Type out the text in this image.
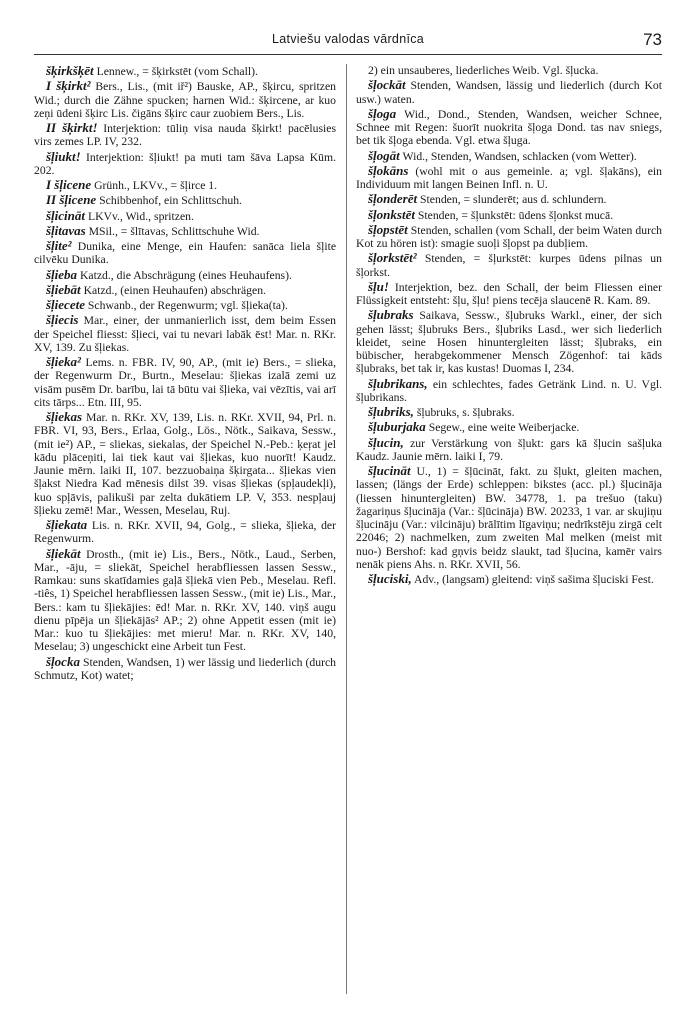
Latviešu valodas vārdnīca	73

šķirkšķēt Lennew., = šķirkstēt (vom Schall).

I šķirkt² Bers., Lis., (mit iř²) Bauske, AP., šķircu, spritzen Wid.; durch die Zähne spucken; harnen Wid.: šķircene, ar kuo zeņi ūdeni šķirc Lis. čigāns šķirc caur zuobiem Bers., Lis.

II šķirkt! Interjektion: tūliņ visa nauda šķirkt! pacēlusies virs zemes LP. IV, 232.

šļiukt! Interjektion: šļiukt! pa muti tam šāva Lapsa Kūm. 202.

I šļicene Grünh., LKVv., = šļirce 1.

II šļicene Schibbenhof, ein Schlittschuh.

šļicināt LKVv., Wid., spritzen.

šļitavas MSil., = šlītavas, Schlittschuhe Wid.

šļite² Dunika, eine Menge, ein Haufen: sanāca liela šļite cilvēku Dunika.

šļieba Katzd., die Abschrägung (eines Heuhaufens).

šļiebāt Katzd., (einen Heuhaufen) abschrägen.

šļiecete Schwanb., der Regenwurm; vgl. šļieka(ta).

šļiecis Mar., einer, der unmanierlich isst, dem beim Essen der Speichel fliesst: šļieci, vai tu nevari labāk ēst! Mar. n. RKr. XV, 139. Zu šļiekas.

šļieka² Lems. n. FBR. IV, 90, AP., (mit ie) Bers., = slieka, der Regenwurm Dr., Burtn., Meselau: šļiekas izalā zemi uz visām pusēm Dr. barību, lai tā būtu vai šļieka, vai vēzītis, vai arī cits tārps... Etn. III, 95.

šļiekas Mar. n. RKr. XV, 139, Lis. n. RKr. XVII, 94, Prl. n. FBR. VI, 93, Bers., Erlaa, Golg., Lös., Nötk., Saikava, Sessw., (mit ie²) AP., = sliekas, siekalas, der Speichel N.-Peb.: ķeŗat jel kādu plāceņiti, lai tiek kaut vai šļiekas, kuo nuorīt! Kaudz. Jaunie mērn. laiki II, 107. bezzuobaiņa šķirgata... šļiekas vien šļakst Niedra Kad mēnesis dilst 39. visas šļiekas (spļaudekļi), kuo spļāvis, palikuši par zelta dukātiem LP. V, 353. nespļauj šļieku zemē! Mar., Wessen, Meselau, Ruj.

šļiekata Lis. n. RKr. XVII, 94, Golg., = slieka, šļieka, der Regenwurm.

šļiekāt Drosth., (mit ie) Lis., Bers., Nötk., Laud., Serben, Mar., -āju, = sliekāt, Speichel herabfliessen lassen Sessw., Ramkau: suns skatīdamies gaļā šļiekā vien Peb., Meselau. Refl. -tiês, 1) Speichel herabfliessen lassen Sessw., (mit ie) Lis., Mar., Bers.: kam tu šļiekājies: ēd! Mar. n. RKr. XV, 140. viņš augu dienu pīpēja un šļiekājās² AP.; 2) ohne Appetit essen (mit ie) Mar.: kuo tu šļiekājies: met mieru! Mar. n. RKr. XV, 140, Meselau; 3) ungeschickt eine Arbeit tun Fest.

šļocka Stenden, Wandsen, 1) wer lässig und liederlich (durch Schmutz, Kot) watet;

2) ein unsauberes, liederliches Weib. Vgl. šļucka.

šļockāt Stenden, Wandsen, lässig und liederlich (durch Kot usw.) waten.

šļoga Wid., Dond., Stenden, Wandsen, weicher Schnee, Schnee mit Regen: šuorīt nuokrita šļoga Dond. tas nav sniegs, bet tik šļoga ebenda. Vgl. etwa šļuga.

šļogāt Wid., Stenden, Wandsen, schlacken (vom Wetter).

šļokāns (wohl mit o aus gemeinle. a; vgl. šļakāns), ein Individuum mit langen Beinen Infl. n. U.

šļonderēt Stenden, = slunderēt; aus d. schlundern.

šļonkstēt Stenden, = šļunkstēt: ūdens šļonkst mucā.

šļopstēt Stenden, schallen (vom Schall, der beim Waten durch Kot zu hören ist): smagie suoļi šļopst pa dubļiem.

šļorkstēt² Stenden, = šļurkstēt: kurpes ūdens pilnas un šļorkst.

šļu! Interjektion, bez. den Schall, der beim Fliessen einer Flüssigkeit entsteht: šļu, šļu! piens tecēja slaucenē R. Kam. 89.

šļubraks Saikava, Sessw., šļubruks Warkl., einer, der sich gehen lässt; šļubruks Bers., šļubriks Lasd., wer sich liederlich kleidet, seine Hosen hinuntergleiten lässt; šļubraks, ein bübischer, herabgekommener Mensch Zögenhof: tai kāds šļubraks, bet tak ir, kas kustas! Duomas I, 234.

šļubrikans, ein schlechtes, fades Getränk Lind. n. U. Vgl. šļubrikans.

šļubriks, šļubruks, s. šļubraks.

šļuburjaka Segew., eine weite Weiberjacke.

šļucin, zur Verstärkung von šļukt: gars kā šļucin sašļuka Kaudz. Jaunie mērn. laiki I, 79.

šļucināt U., 1) = šļūcināt, fakt. zu šļukt, gleiten machen, lassen; (längs der Erde) schleppen: bikstes (acc. pl.) šļucināja (liessen hinuntergleiten) BW. 34778, 1. pa trešuo (taku) žagariņus šļucināja (Var.: šļūcināja) BW. 20233, 1 var. ar skujiņu šļucināju (Var.: vilcināju) brālītim līgaviņu; nedrīkstēju zirgā celt 22046; 2) nachmelken, zum zweiten Mal melken (meist mit nuo-) Bershof: kad gņvis beidz slaukt, tad šļucina, kamēr vairs nenāk piens Ahs. n. RKr. XVII, 56.

šļuciski, Adv., (langsam) gleitend: viņš sašima šļuciski Fest.
